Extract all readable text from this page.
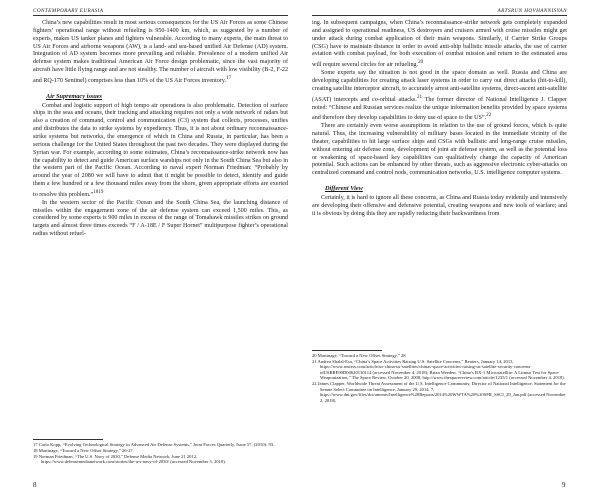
CONTEMPORARY EURASIA	ARTSRUN HOVHANNISYAN

China’s new capabilities result in most serious consequences for the US Air Forces as some Chinese fighters’ operational range without refueling is 950-1400 km, which, as suggested by a number of experts, makes US tanker planes and fighters vulnerable. According to many experts, the main threat to US Air Forces and airborne weapons (AW), is a land- and sea-based unified Air Defense (AD) system. Integration of AD system becomes more prevailing and reliable. Prevalence of a modern unified Air defense system makes traditional American Air Force design problematic, since the vast majority of aircraft have little flying range and are not stealthy. The number of aircraft with low visibility (B-2, F-22 and RQ-170 Sentinel) comprises less than 10% of the US Air Forces inventory.$^{17}$

Air Supremacy issues

Combat and logistic support of high tempo air operations is also problematic. Detection of surface ships in the seas and oceans, their tracking and attacking requires not only a wide network of radars but also a creation of command, control and communication (C3) system that collects, processes, unifies and distributes the data to strike systems by expediency. Thus, it is not about ordinary reconnaissance-strike systems but networks, the emergence of which in China and Russia, in particular, has been a serious challenge for the United States throughout the past two decades. They were displayed during the Syrian war. For example, according to some estimates, China’s reconnaissance-strike network now has the capability to detect and guide American surface warships not only in the South China Sea but also in the western part of the Pacific Ocean. According to naval expert Norman Friedman: “Probably by around the year of 2080 we will have to admit that it might be possible to detect, identify and guide them a few hundred or a few thousand miles away from the shore, given appropriate efforts are exerted to resolve this problem.”$^{1819}$

In the western sector of the Pacific Ocean and the South China Sea, the launching distance of missiles within the engagement zone of the air defense system can exceed 1,500 miles. This, as considered by some experts is 900 miles in excess of the range of Tomahawk missiles strikes on ground targets and almost three times exceeds “F / A-18E / F Super Hornet” multipurpose fighter’s operational radius without refuel-

17 Carlo Kopp, “Evolving Technological Strategy in Advanced Air Defense Systems,” Joint Forces Quarterly, Issue 57, (2010): 93.

18 Martinage, “Toward a New Offset Strategy,” 26-27.

19 Norman Friedman, “The U.S. Navy of 2030,” Defense Media Network, June 21 2012, https://www.defensemedianetwork.com/stories/the-u-s-navy-of-2030/ (accessed November 5, 2018).

ing. In subsequent campaigns, when China’s reconnaissance-strike network gets completely expanded and assigned to operational readiness, US destroyers and cruisers armed with cruise missiles might get under attack during combat application of their main weapons. Similarly, if Carrier Strike Groups (CSG) have to maintain distance in order to avoid anti-ship ballistic missile attacks, the use of carrier aviation with combat payload, for both execution of combat mission and return to the estimated area will require several circles for air refueling.$^{20}$

Some experts say the situation is not good in the space domain as well. Russia and China are developing capabilities for creating attack laser systems in order to carry out direct attacks (hit-to-kill), creating satellite interceptor aircraft, to accurately arrest anti-satellite systems, direct-ascent anti-satellite (ASAT) intercepts and co-orbital attacks.$^{21}$ The former director of National Intelligence J. Clapper noted: “Chinese and Russian services realize the unique information benefits provided by space systems and therefore they develop capabilities to deny use of space to the US”.$^{22}$

There are certainly even worse assumptions in relation to the use of ground forces, which is quite natural. Thus, the increasing vulnerability of military bases located in the immediate vicinity of the theater, capabilities to hit large surface ships and CSGs with ballistic and long-range cruise missiles, without entering air defense zone, development of joint air defense system, as well as the potential loss or weakening of space-based key capabilities can qualitatively change the capacity of American potential. Such actions can be enhanced by other threats, such as aggressive electronic cyber-attacks on centralized command and control nods, communication networks, U.S. intelligence computer systems.

Different View

Certainly, it is hard to ignore all these concerns, as China and Russia today evidently and intensively are developing their offensive and defensive potential, creating weapons and new tools of warfare; and it is obvious by doing this they are rapidly reducing their backwardness from

20 Martinage, “Toward a New Offset Strategy,” 28.

21 Andrea Shalal-Esa, “China’s Space Activities Raising U.S. Satellite Concerns,” Reuters, January 14, 2013, https://www.reuters.com/article/us-china-us-satellites/chinas-space-activities-raising-us-satellite-security-concerns-idUSBRE90D00620130114 (accessed November 4, 2018); Brian Weeden, “China’s BX-1 Microsatellite: A Litmus Test for Space Weaponization,” The Space Review, October 20, 2008, http://www.thespacereview.com/article/1235/1 (accessed November 4, 2018).

22 James Clapper, Worldwide Threat Assessment of the U.S. Intelligence Community, Director of National Intelligence, Statement for the Senate Select Committee on Intelligence, January 29, 2014, 7, https://www.dni.gov/files/documents/Intelligence%20Reports/2014%20WWTA%20%20SFR_SSCI_29_Jan.pdf (accessed November 2, 2018).

8	9
